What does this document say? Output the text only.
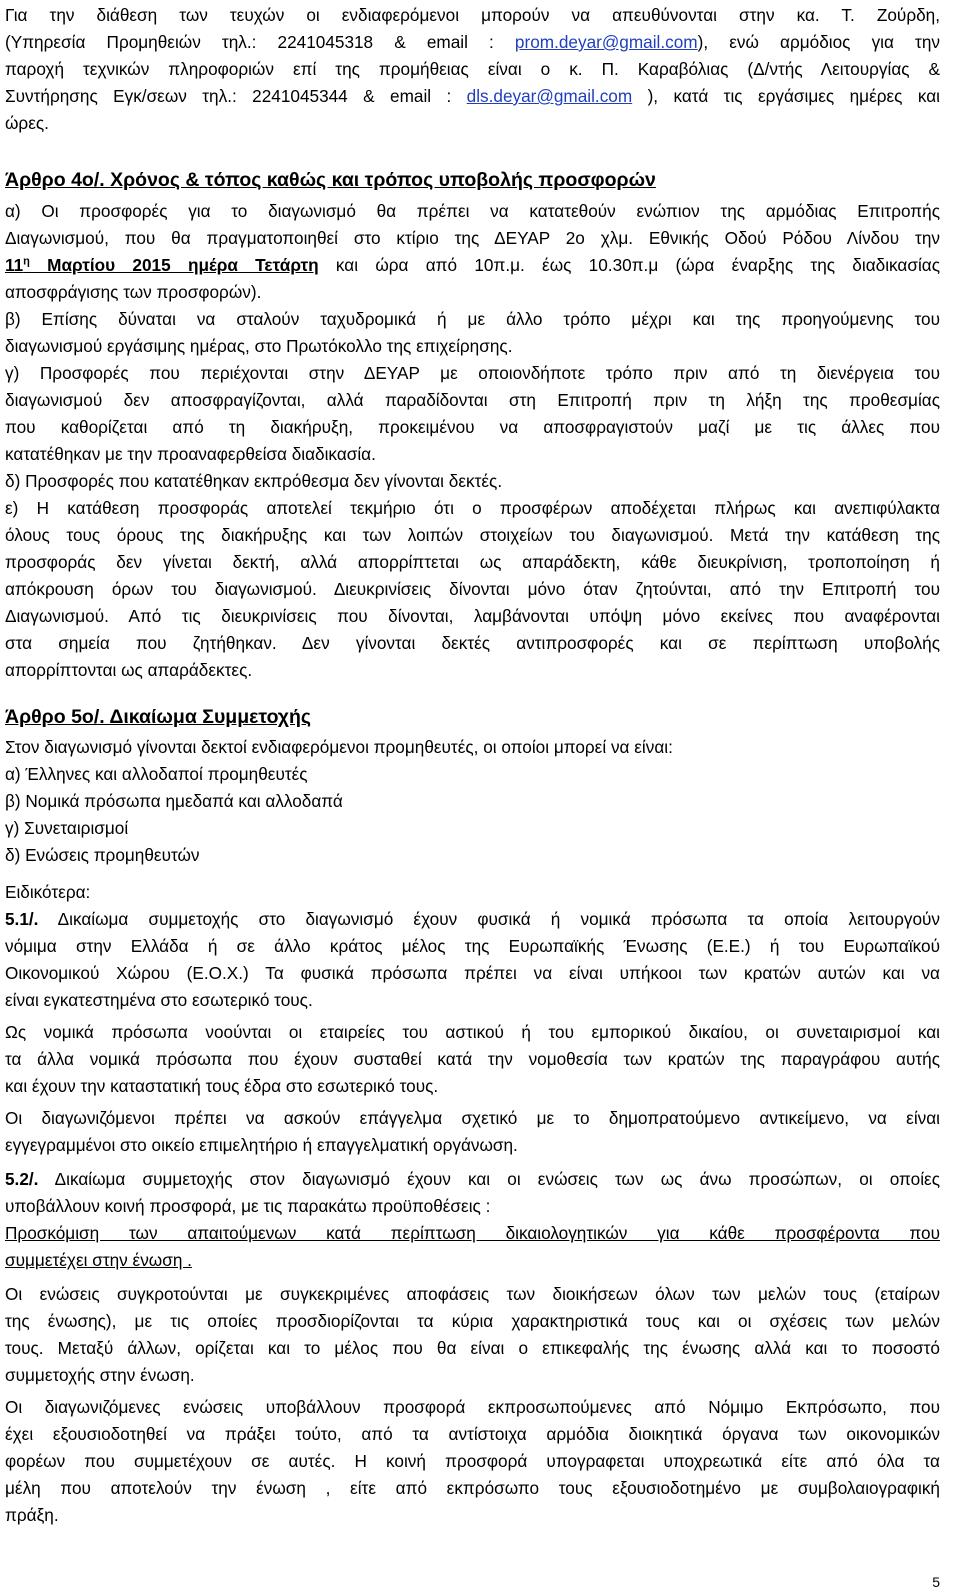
Για την διάθεση των τευχών οι ενδιαφερόμενοι μπορούν να απευθύνονται στην κα. Τ. Ζούρδη,
(Υπηρεσία Προμηθειών τηλ.: 2241045318 & email : prom.deyar@gmail.com), ενώ αρμόδιος για την
παροχή τεχνικών πληροφοριών επί της προμήθειας είναι ο κ. Π. Καραβόλιας (Δ/ντής Λειτουργίας &
Συντήρησης Εγκ/σεων τηλ.: 2241045344 & email : dls.deyar@gmail.com ), κατά τις εργάσιμες ημέρες και
ώρες.

Άρθρο 4ο/. Χρόνος & τόπος καθώς και τρόπος υποβολής προσφορών

α) Οι προσφορές για το διαγωνισμό θα πρέπει να κατατεθούν ενώπιον της αρμόδιας Επιτροπής
Διαγωνισμού, που θα πραγματοποιηθεί στο κτίριο της ΔΕΥΑΡ 2ο χλμ. Εθνικής Οδού Ρόδου Λίνδου την
$11^\eta$ Μαρτίου 2015 ημέρα Τετάρτη και ώρα από 10π.μ. έως 10.30π.μ (ώρα έναρξης της διαδικασίας
αποσφράγισης των προσφορών).

β) Επίσης δύναται να σταλούν ταχυδρομικά ή με άλλο τρόπο μέχρι και της προηγούμενης του
διαγωνισμού εργάσιμης ημέρας, στο Πρωτόκολλο της επιχείρησης.

γ) Προσφορές που περιέχονται στην ΔΕΥΑΡ με οποιονδήποτε τρόπο πριν από τη διενέργεια του
διαγωνισμού δεν αποσφραγίζονται, αλλά παραδίδονται στη Επιτροπή πριν τη λήξη της προθεσμίας
που καθορίζεται από τη διακήρυξη, προκειμένου να αποσφραγιστούν μαζί με τις άλλες που
κατατέθηκαν με την προαναφερθείσα διαδικασία.

δ) Προσφορές που κατατέθηκαν εκπρόθεσμα δεν γίνονται δεκτές.

ε) Η κατάθεση προσφοράς αποτελεί τεκμήριο ότι ο προσφέρων αποδέχεται πλήρως και ανεπιφύλακτα
όλους τους όρους της διακήρυξης και των λοιπών στοιχείων του διαγωνισμού. Μετά την κατάθεση της
προσφοράς δεν γίνεται δεκτή, αλλά απορρίπτεται ως απαράδεκτη, κάθε διευκρίνιση, τροποποίηση ή
απόκρουση όρων του διαγωνισμού. Διευκρινίσεις δίνονται μόνο όταν ζητούνται, από την Επιτροπή του
Διαγωνισμού. Από τις διευκρινίσεις που δίνονται, λαμβάνονται υπόψη μόνο εκείνες που αναφέρονται
στα σημεία που ζητήθηκαν. Δεν γίνονται δεκτές αντιπροσφορές και σε περίπτωση υποβολής
απορρίπτονται ως απαράδεκτες.

Άρθρο 5ο/. Δικαίωμα Συμμετοχής

Στον διαγωνισμό γίνονται δεκτοί ενδιαφερόμενοι προμηθευτές, οι οποίοι μπορεί να είναι:
α) Έλληνες και αλλοδαποί προμηθευτές
β) Νομικά πρόσωπα ημεδαπά και αλλοδαπά
γ) Συνεταιρισμοί
δ) Ενώσεις προμηθευτών

Ειδικότερα:

5.1/. Δικαίωμα συμμετοχής στο διαγωνισμό έχουν φυσικά ή νομικά πρόσωπα τα οποία λειτουργούν
νόμιμα στην Ελλάδα ή σε άλλο κράτος μέλος της Ευρωπαϊκής Ένωσης (Ε.Ε.) ή του Ευρωπαϊκού
Οικονομικού Χώρου (Ε.Ο.Χ.) Τα φυσικά πρόσωπα πρέπει να είναι υπήκοοι των κρατών αυτών και να
είναι εγκατεστημένα στο εσωτερικό τους.

Ως νομικά πρόσωπα νοούνται οι εταιρείες του αστικού ή του εμπορικού δικαίου, οι συνεταιρισμοί και
τα άλλα νομικά πρόσωπα που έχουν συσταθεί κατά την νομοθεσία των κρατών της παραγράφου αυτής
και έχουν την καταστατική τους έδρα στο εσωτερικό τους.

Οι διαγωνιζόμενοι πρέπει να ασκούν επάγγελμα σχετικό με το δημοπρατούμενο αντικείμενο, να είναι
εγγεγραμμένοι στο οικείο επιμελητήριο ή επαγγελματική οργάνωση.

5.2/. Δικαίωμα συμμετοχής στον διαγωνισμό έχουν και οι ενώσεις των ως άνω προσώπων, οι οποίες
υποβάλλουν κοινή προσφορά, με τις παρακάτω προϋποθέσεις :
Προσκόμιση των απαιτούμενων κατά περίπτωση δικαιολογητικών για κάθε προσφέροντα που
συμμετέχει στην ένωση .

Οι ενώσεις συγκροτούνται με συγκεκριμένες αποφάσεις των διοικήσεων όλων των μελών τους (εταίρων
της ένωσης), με τις οποίες προσδιορίζονται τα κύρια χαρακτηριστικά τους και οι σχέσεις των μελών
τους. Μεταξύ άλλων, ορίζεται και το μέλος που θα είναι ο επικεφαλής της ένωσης αλλά και το ποσοστό
συμμετοχής στην ένωση.

Οι διαγωνιζόμενες ενώσεις υποβάλλουν προσφορά εκπροσωπούμενες από Νόμιμο Εκπρόσωπο, που
έχει εξουσιοδοτηθεί να πράξει τούτο, από τα αντίστοιχα αρμόδια διοικητικά όργανα των οικονομικών
φορέων που συμμετέχουν σε αυτές. Η κοινή προσφορά υπογραφεται υποχρεωτικά είτε από όλα τα
μέλη που αποτελούν την ένωση , είτε από εκπρόσωπο τους εξουσιοδοτημένο με συμβολαιογραφική
πράξη.

5
